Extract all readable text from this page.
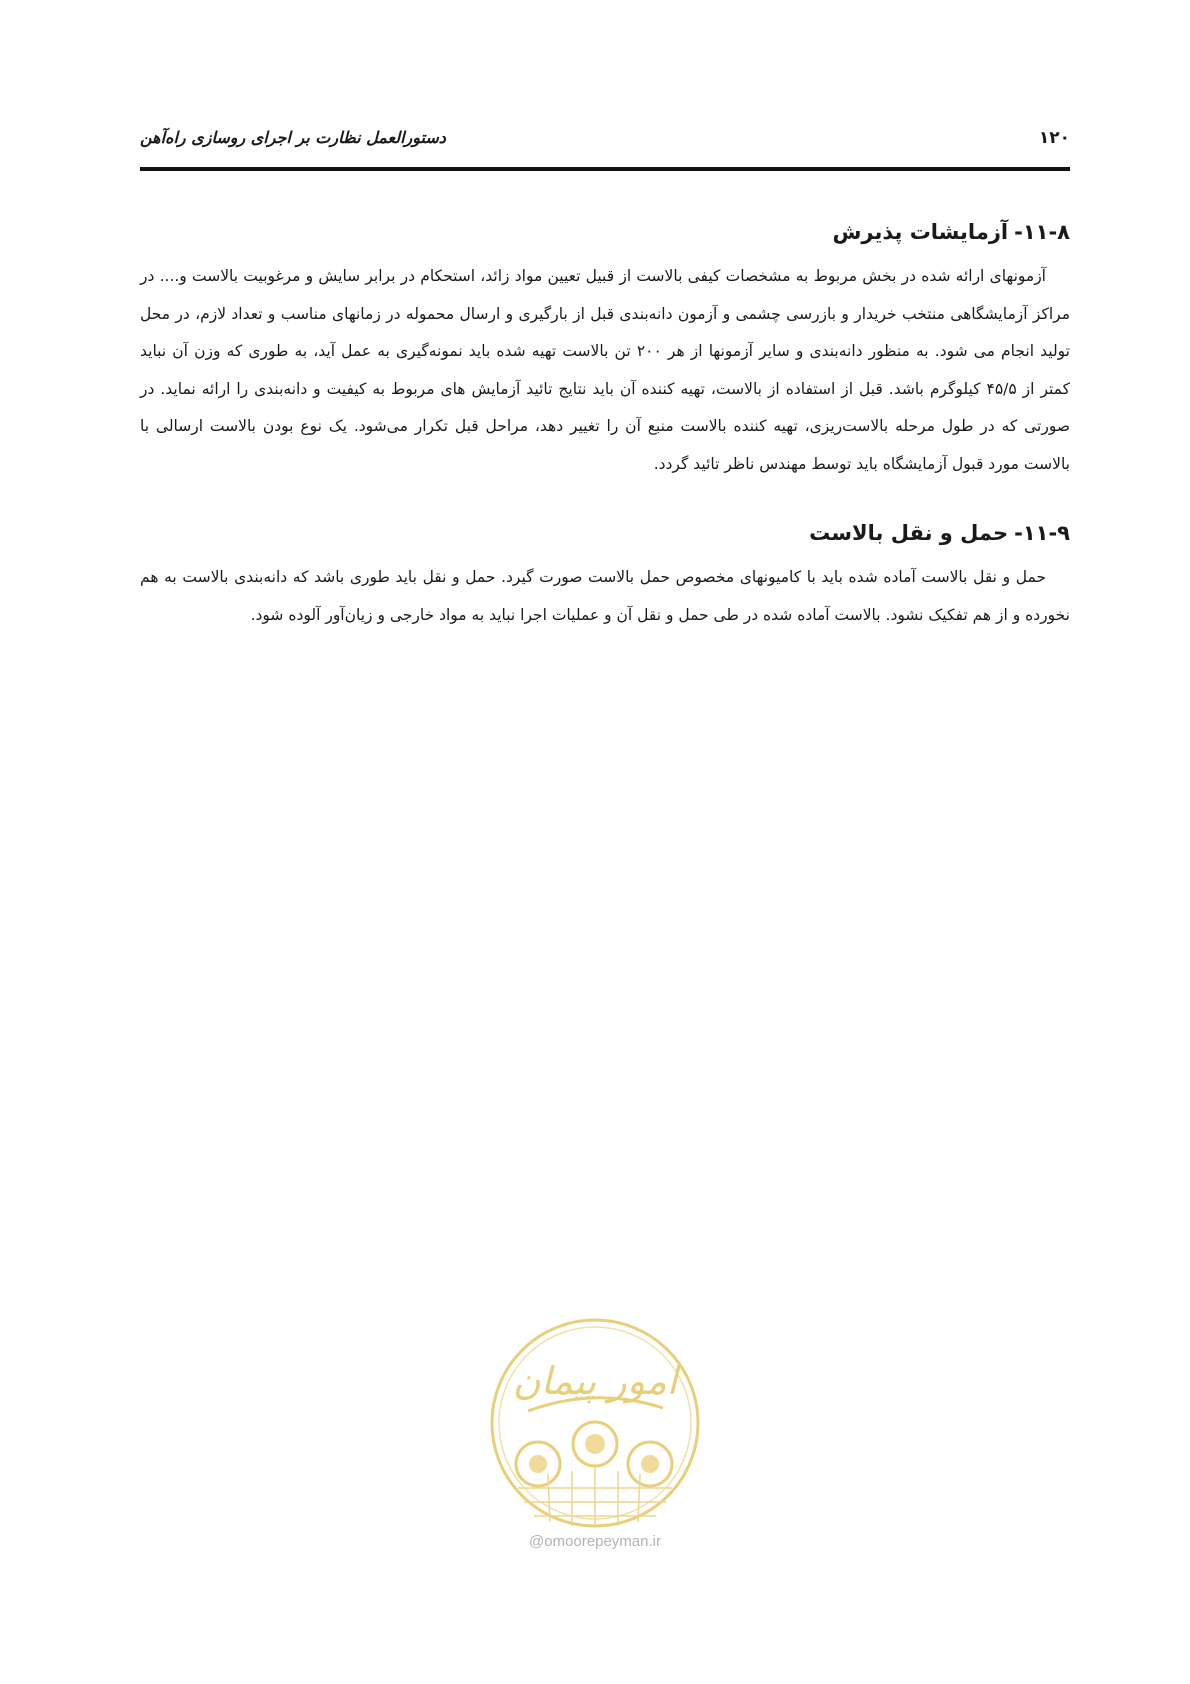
۱۲۰
دستورالعمل نظارت بر اجرای روسازی راه‌آهن
۱۱-۸-آزمایشات پذیرش

آزمونهای ارائه شده در بخش مربوط به مشخصات کیفی بالاست از قبیل تعیین مواد زائد، استحکام در برابر سایش و مرغوبیت بالاست و.... در مراکز آزمایشگاهی منتخب خریدار و بازرسی چشمی و آزمون دانه‌بندی قبل از بارگیری و ارسال محموله در زمانهای مناسب و تعداد لازم، در محل تولید انجام می شود. به منظور دانه‌بندی و سایر آزمونها از هر ۲۰۰ تن بالاست تهیه شده باید نمونه‌گیری به عمل آید، به طوری که وزن آن نباید کمتر از ۴۵/۵ کیلوگرم باشد. قبل از استفاده از بالاست، تهیه کننده آن باید نتایج تائید آزمایش های مربوط به کیفیت و دانه‌بندی را ارائه نماید. در صورتی که در طول مرحله بالاست‌ریزی، تهیه کننده بالاست منبع آن را تغییر دهد، مراحل قبل تکرار می‌شود. یک نوع بودن بالاست ارسالی با بالاست مورد قبول آزمایشگاه باید توسط مهندس ناظر تائید گردد.

۱۱-۹-حمل و نقل بالاست

حمل و نقل بالاست آماده شده باید با کامیونهای مخصوص حمل بالاست صورت گیرد. حمل و نقل باید طوری باشد که دانه‌بندی بالاست به هم نخورده و از هم تفکیک نشود. بالاست آماده شده در طی حمل و نقل آن و عملیات اجرا نباید به مواد خارجی و زیان‌آور آلوده شود.

امور پیمان
@omoorepeyman.ir
